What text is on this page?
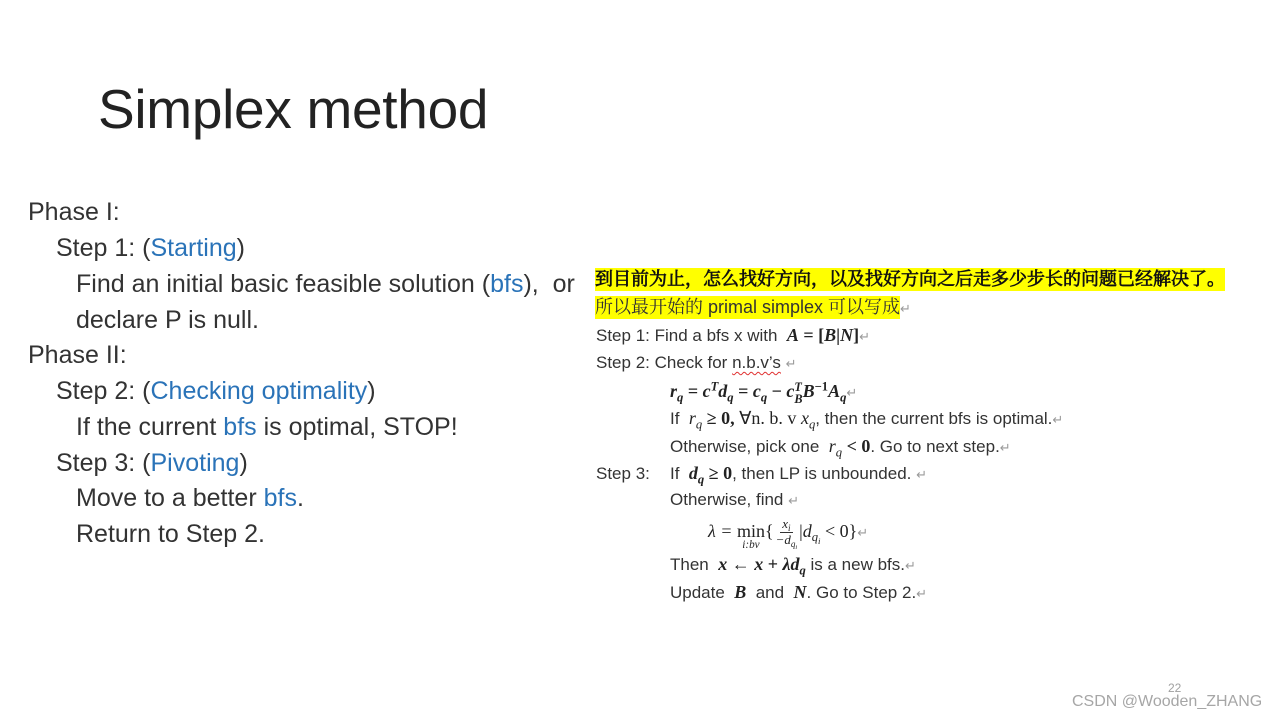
Simplex method
Phase I:
Step 1: (Starting)
Find an initial basic feasible solution (bfs),  or
declare P is null.
Phase II:
Step 2: (Checking optimality)
If the current bfs is optimal, STOP!
Step 3: (Pivoting)
Move to a better bfs.
Return to Step 2.
到目前为止，怎么找好方向，以及找好方向之后走多少步长的问题已经解决了。
所以最开始的 primal simplex 可以写成↵
Step 1: Find a bfs x with  A = [B|N]↵
Step 2: Check for n.b.v’s ↵
$r_q = c^Td_q = c_q - c$ T
B $B^{-1}A_q↵$
If  $r_q \ge 0$, ∀n. b. v $x_q$, then the current bfs is optimal.↵
Otherwise, pick one  $r_q < 0$. Go to next step.↵
Step 3: If  $d_q \ge 0$, then LP is unbounded. ↵
Otherwise, find ↵
λ = min
i:bv
{ $\frac{x_i}{-d_{q_i}} |d_{q_i}$ < 0}↵
Then  x ← $x + \lambda d_q$ is a new bfs.↵
Update  B  and  N. Go to Step 2.↵
22
CSDN @Wooden_ZHANG
